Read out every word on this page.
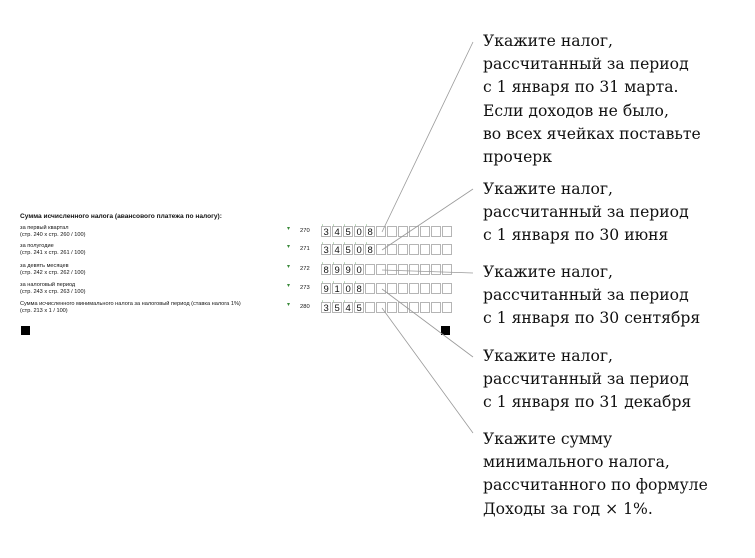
Сумма исчисленного налога (авансового платежа по налогу):
за первый квартал
(стр. 240 х стр. 260 / 100)
▾ 270 ʻ 3 ʻ 4 ʻ 5 ʻ 0 ʻ 8
за полугодие
(стр. 241 х стр. 261 / 100)
▾ 271 ʻ 3 ʻ 4 ʻ 5 ʻ 0 ʻ 8
за девять месяцев
(стр. 242 х стр. 262 / 100)
▾ 272 ʻ 8 ʻ 9 ʻ 9 ʻ 0
за налоговый период
(стр. 243 х стр. 263 / 100)
▾ 273 ʻ 9 ʻ 1 ʻ 0 ʻ 8
Сумма исчисленного минимального налога за налоговый период (ставка налога 1%)
(стр. 213 х 1 / 100)
▾ 280 ʻ 3 ʻ 5 ʻ 4 ʻ 5
Укажите налог,
рассчитанный за период
с 1 января по 31 марта.
Если доходов не было,
во всех ячейках поставьте
прочерк
Укажите налог,
рассчитанный за период
с 1 января по 30 июня
Укажите налог,
рассчитанный за период
с 1 января по 30 сентября
Укажите налог,
рассчитанный за период
с 1 января по 31 декабря
Укажите сумму
минимального налога,
рассчитанного по формуле
Доходы за год × 1%.
